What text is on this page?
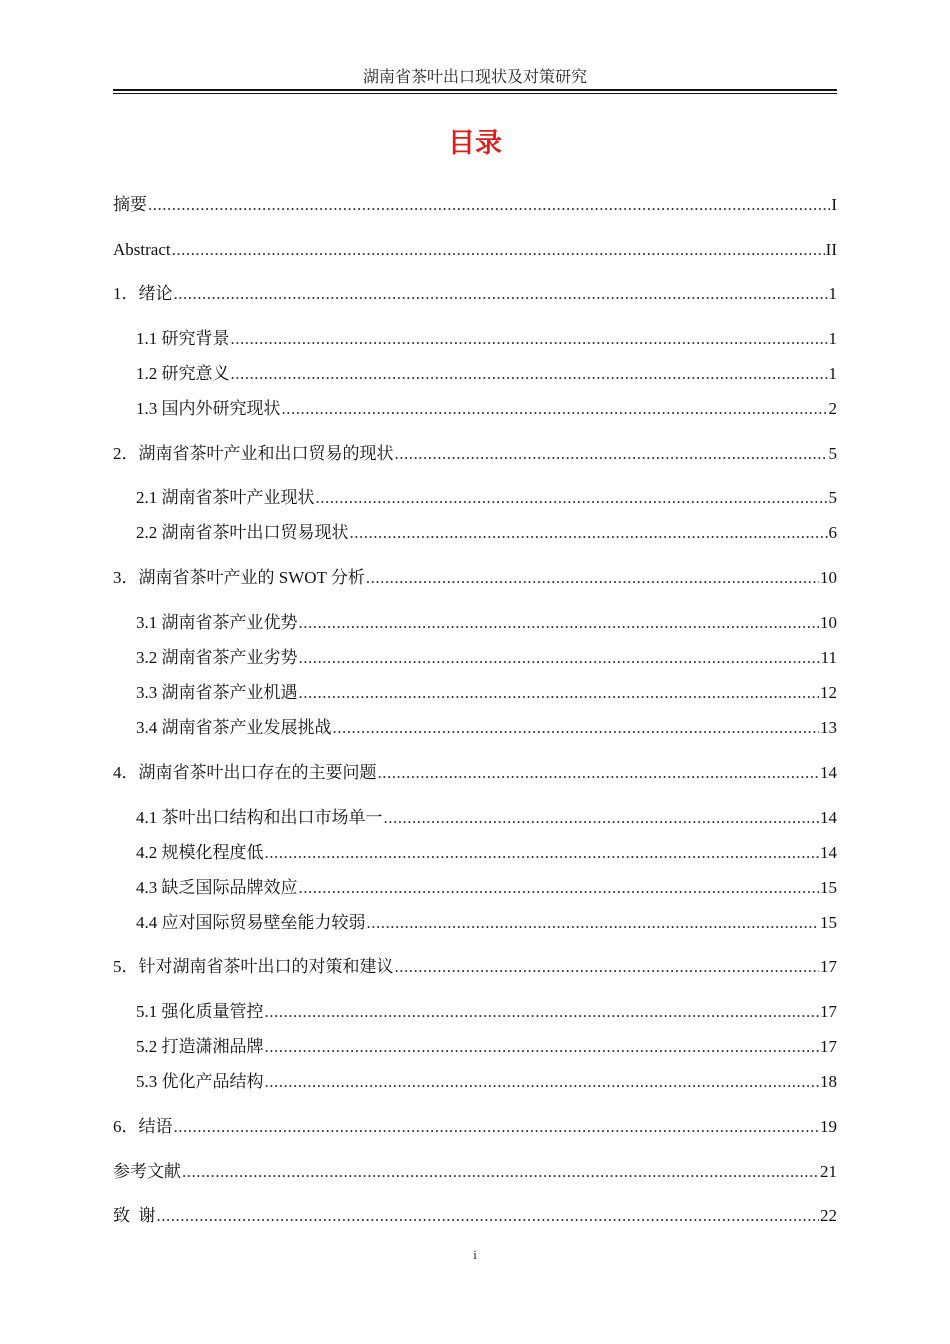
湖南省茶叶出口现状及对策研究
目录
摘要 .....	I
Abstract .....	II
1．绪论 .....	1
1.1 研究背景 .....	1
1.2 研究意义 .....	1
1.3 国内外研究现状 .....	2
2．湖南省茶叶产业和出口贸易的现状 .....	5
2.1 湖南省茶叶产业现状 .....	5
2.2 湖南省茶叶出口贸易现状 .....	6
3．湖南省茶叶产业的 SWOT 分析 .....	10
3.1 湖南省茶产业优势 .....	10
3.2 湖南省茶产业劣势 .....	11
3.3 湖南省茶产业机遇 .....	12
3.4 湖南省茶产业发展挑战 .....	13
4．湖南省茶叶出口存在的主要问题 .....	14
4.1 茶叶出口结构和出口市场单一 .....	14
4.2 规模化程度低 .....	14
4.3 缺乏国际品牌效应 .....	15
4.4 应对国际贸易壁垒能力较弱 .....	15
5．针对湖南省茶叶出口的对策和建议 .....	17
5.1 强化质量管控 .....	17
5.2 打造潇湘品牌 .....	17
5.3 优化产品结构 .....	18
6．结语 .....	19
参考文献 .....	21
致  谢 .....	22
i
